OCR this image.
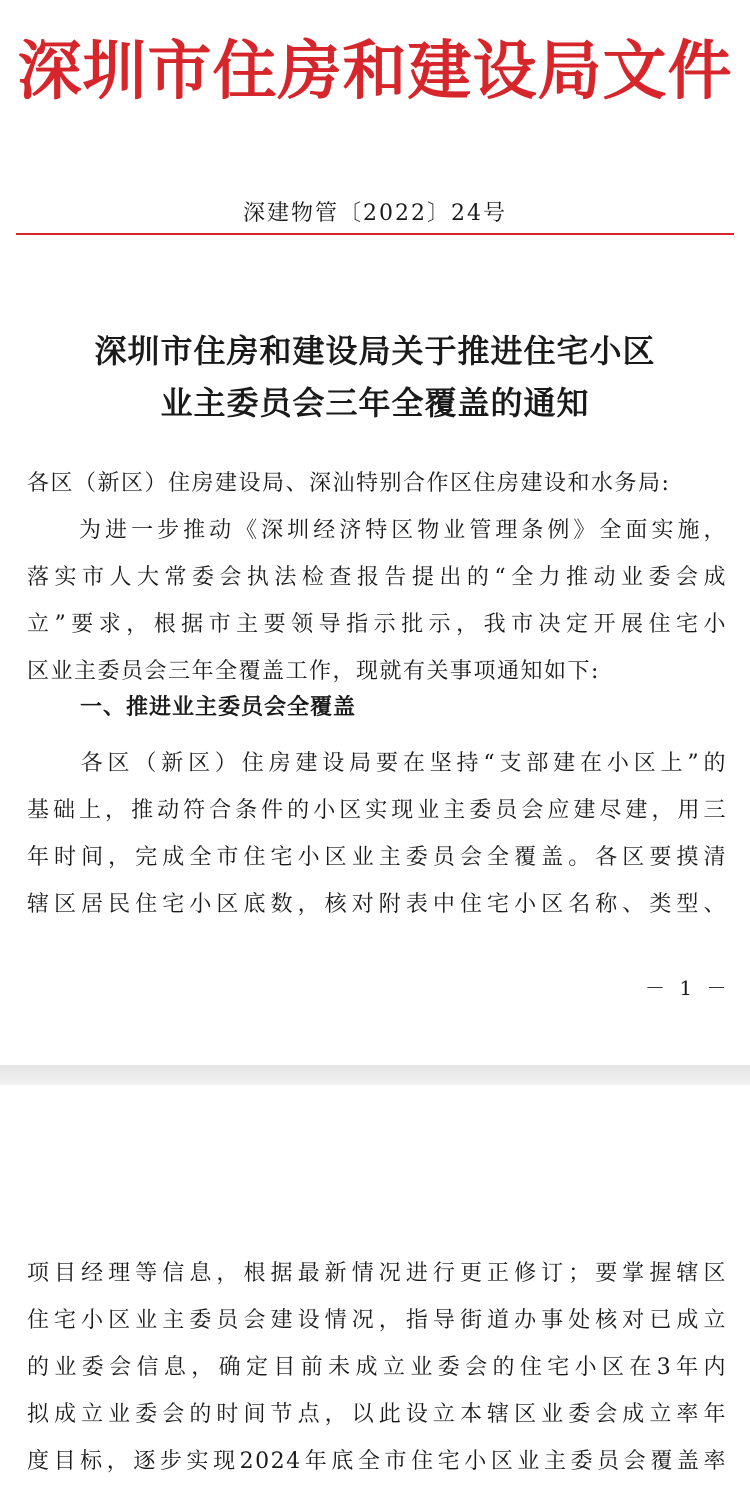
深圳市住房和建设局文件
深建物管〔2022〕24号
深圳市住房和建设局关于推进住宅小区
业主委员会三年全覆盖的通知
各区（新区）住房建设局、深汕特别合作区住房建设和水务局:
　　为进一步推动《深圳经济特区物业管理条例》全面实施，
落实市人大常委会执法检查报告提出的“全力推动业委会成
立”要求，根据市主要领导指示批示，我市决定开展住宅小
区业主委员会三年全覆盖工作，现就有关事项通知如下:
一、推进业主委员会全覆盖
　　各区（新区）住房建设局要在坚持“支部建在小区上”的
基础上，推动符合条件的小区实现业主委员会应建尽建，用三
年时间，完成全市住宅小区业主委员会全覆盖。各区要摸清
辖区居民住宅小区底数，核对附表中住宅小区名称、类型、
－ 1 －
项目经理等信息，根据最新情况进行更正修订；要掌握辖区
住宅小区业主委员会建设情况，指导街道办事处核对已成立
的业委会信息，确定目前未成立业委会的住宅小区在3年内
拟成立业委会的时间节点，以此设立本辖区业委会成立率年
度目标，逐步实现2024年底全市住宅小区业主委员会覆盖率
